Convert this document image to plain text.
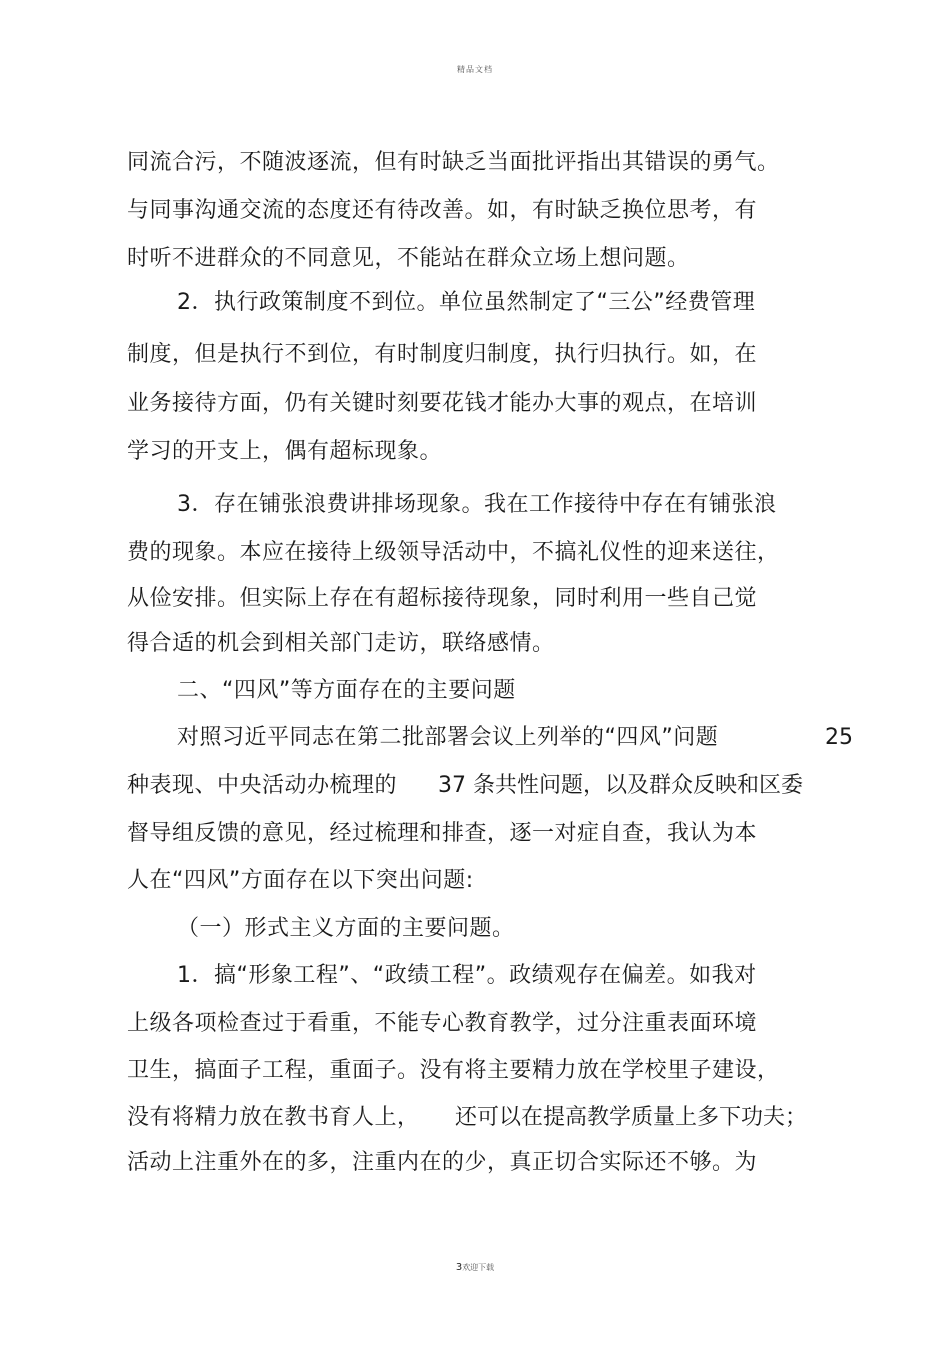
精品文档
同流合污，不随波逐流，但有时缺乏当面批评指出其错误的勇气。
与同事沟通交流的态度还有待改善。如，有时缺乏换位思考，有
时听不进群众的不同意见，不能站在群众立场上想问题。
2．执行政策制度不到位。单位虽然制定了“三公”经费管理
制度，但是执行不到位，有时制度归制度，执行归执行。如，在
业务接待方面，仍有关键时刻要花钱才能办大事的观点，在培训
学习的开支上，偶有超标现象。
3．存在铺张浪费讲排场现象。我在工作接待中存在有铺张浪
费的现象。本应在接待上级领导活动中，不搞礼仪性的迎来送往，
从俭安排。但实际上存在有超标接待现象，同时利用一些自己觉
得合适的机会到相关部门走访，联络感情。
二、“四风”等方面存在的主要问题
对照习近平同志在第二批部署会议上列举的“四风”问题	25
种表现、中央活动办梳理的 37 条共性问题，以及群众反映和区委
督导组反馈的意见，经过梳理和排查，逐一对症自查，我认为本
人在“四风”方面存在以下突出问题:
（一）形式主义方面的主要问题。
1．搞“形象工程”、“政绩工程”。政绩观存在偏差。如我对
上级各项检查过于看重，不能专心教育教学，过分注重表面环境
卫生，搞面子工程，重面子。没有将主要精力放在学校里子建设，
没有将精力放在教书育人上， 还可以在提高教学质量上多下功夫；
活动上注重外在的多，注重内在的少，真正切合实际还不够。为
3欢迎下载
